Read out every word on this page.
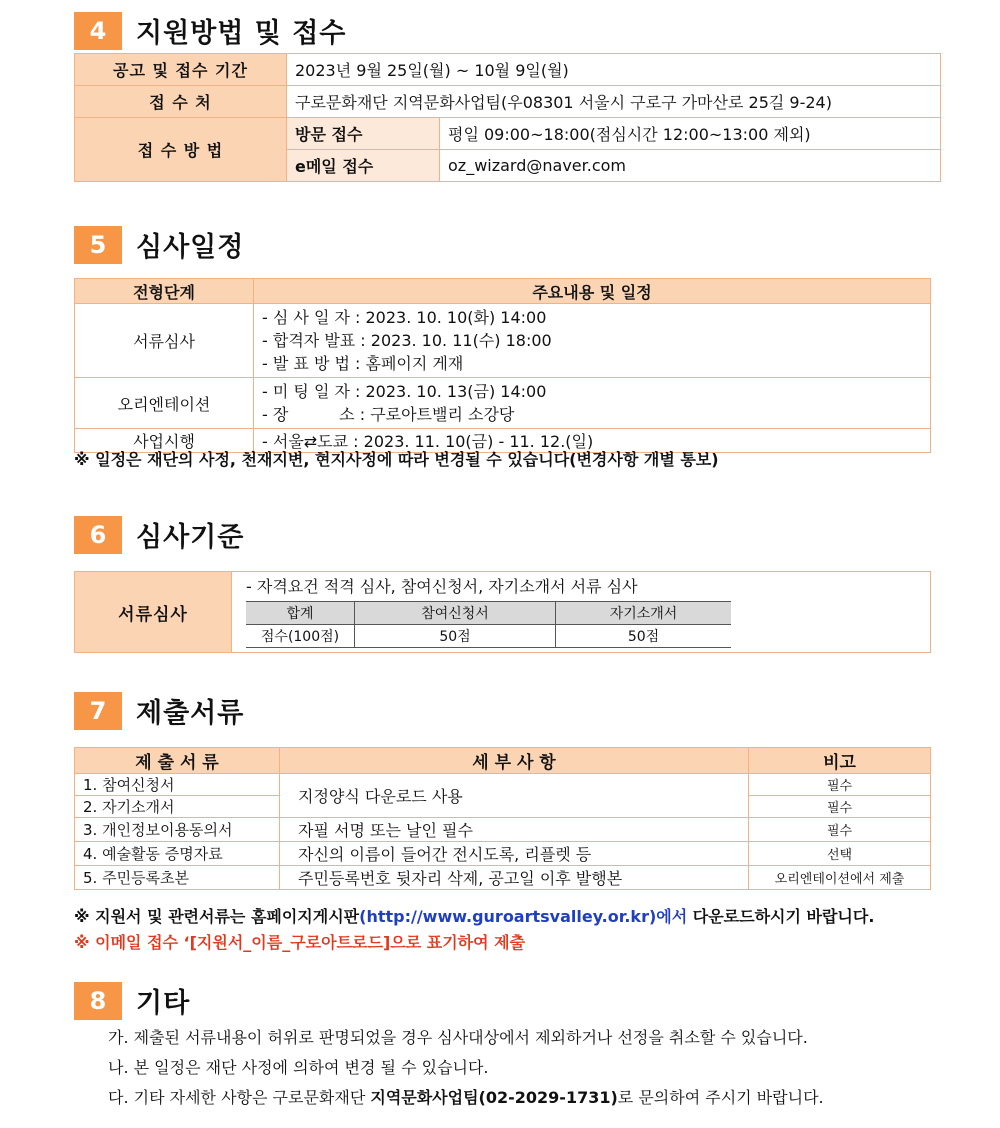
4	지원방법 및 접수
공고 및 접수 기간	2023년 9월 25일(월) ~ 10월 9일(월)	
접 수 처	구로문화재단 지역문화사업팀(우08301 서울시 구로구 가마산로 25길 9-24)	
접 수 방 법	방문 접수	평일 09:00~18:00(점심시간 12:00~13:00 제외)
	e메일 접수	oz_wizard@naver.com
5	심사일정
전형단계	주요내용 및 일정
서류심사	- 심 사 일 자 : 2023. 10. 10(화) 14:00
- 합격자 발표 : 2023. 10. 11(수) 18:00
- 발 표 방 법 : 홈페이지 게재

오리엔테이션	- 미 팅 일 자 : 2023. 10. 13(금) 14:00
- 장          소 : 구로아트밸리 소강당

사업시행	- 서울⇄도쿄 : 2023. 11. 10(금) - 11. 12.(일)
※ 일정은 재단의 사정, 천재지변, 현지사정에 따라 변경될 수 있습니다(변경사항 개별 통보)
6	심사기준
서류심사	
- 자격요건 적격 심사, 참여신청서, 자기소개서 서류 심사
합계	참여신청서	자기소개서
점수(100점)	50점	50점
7	제출서류
제 출 서 류	세 부 사 항	비고
1. 참여신청서	지정양식 다운로드 사용	필수
2. 자기소개서		필수
3. 개인정보이용동의서	자필 서명 또는 날인 필수	필수
4. 예술활동 증명자료	자신의 이름이 들어간 전시도록, 리플렛 등	선택
5. 주민등록초본	주민등록번호 뒷자리 삭제, 공고일 이후 발행본	오리엔테이션에서 제출
※ 지원서 및 관련서류는 홈페이지게시판(http://www.guroartsvalley.or.kr)에서 다운로드하시기 바랍니다.
※ 이메일 접수 ‘[지원서_이름_구로아트로드]으로 표기하여 제출
8	기타
가. 제출된 서류내용이 허위로 판명되었을 경우 심사대상에서 제외하거나 선정을 취소할 수 있습니다.
나. 본 일정은 재단 사정에 의하여 변경 될 수 있습니다.
다. 기타 자세한 사항은 구로문화재단 지역문화사업팀(02-2029-1731)로 문의하여 주시기 바랍니다.
